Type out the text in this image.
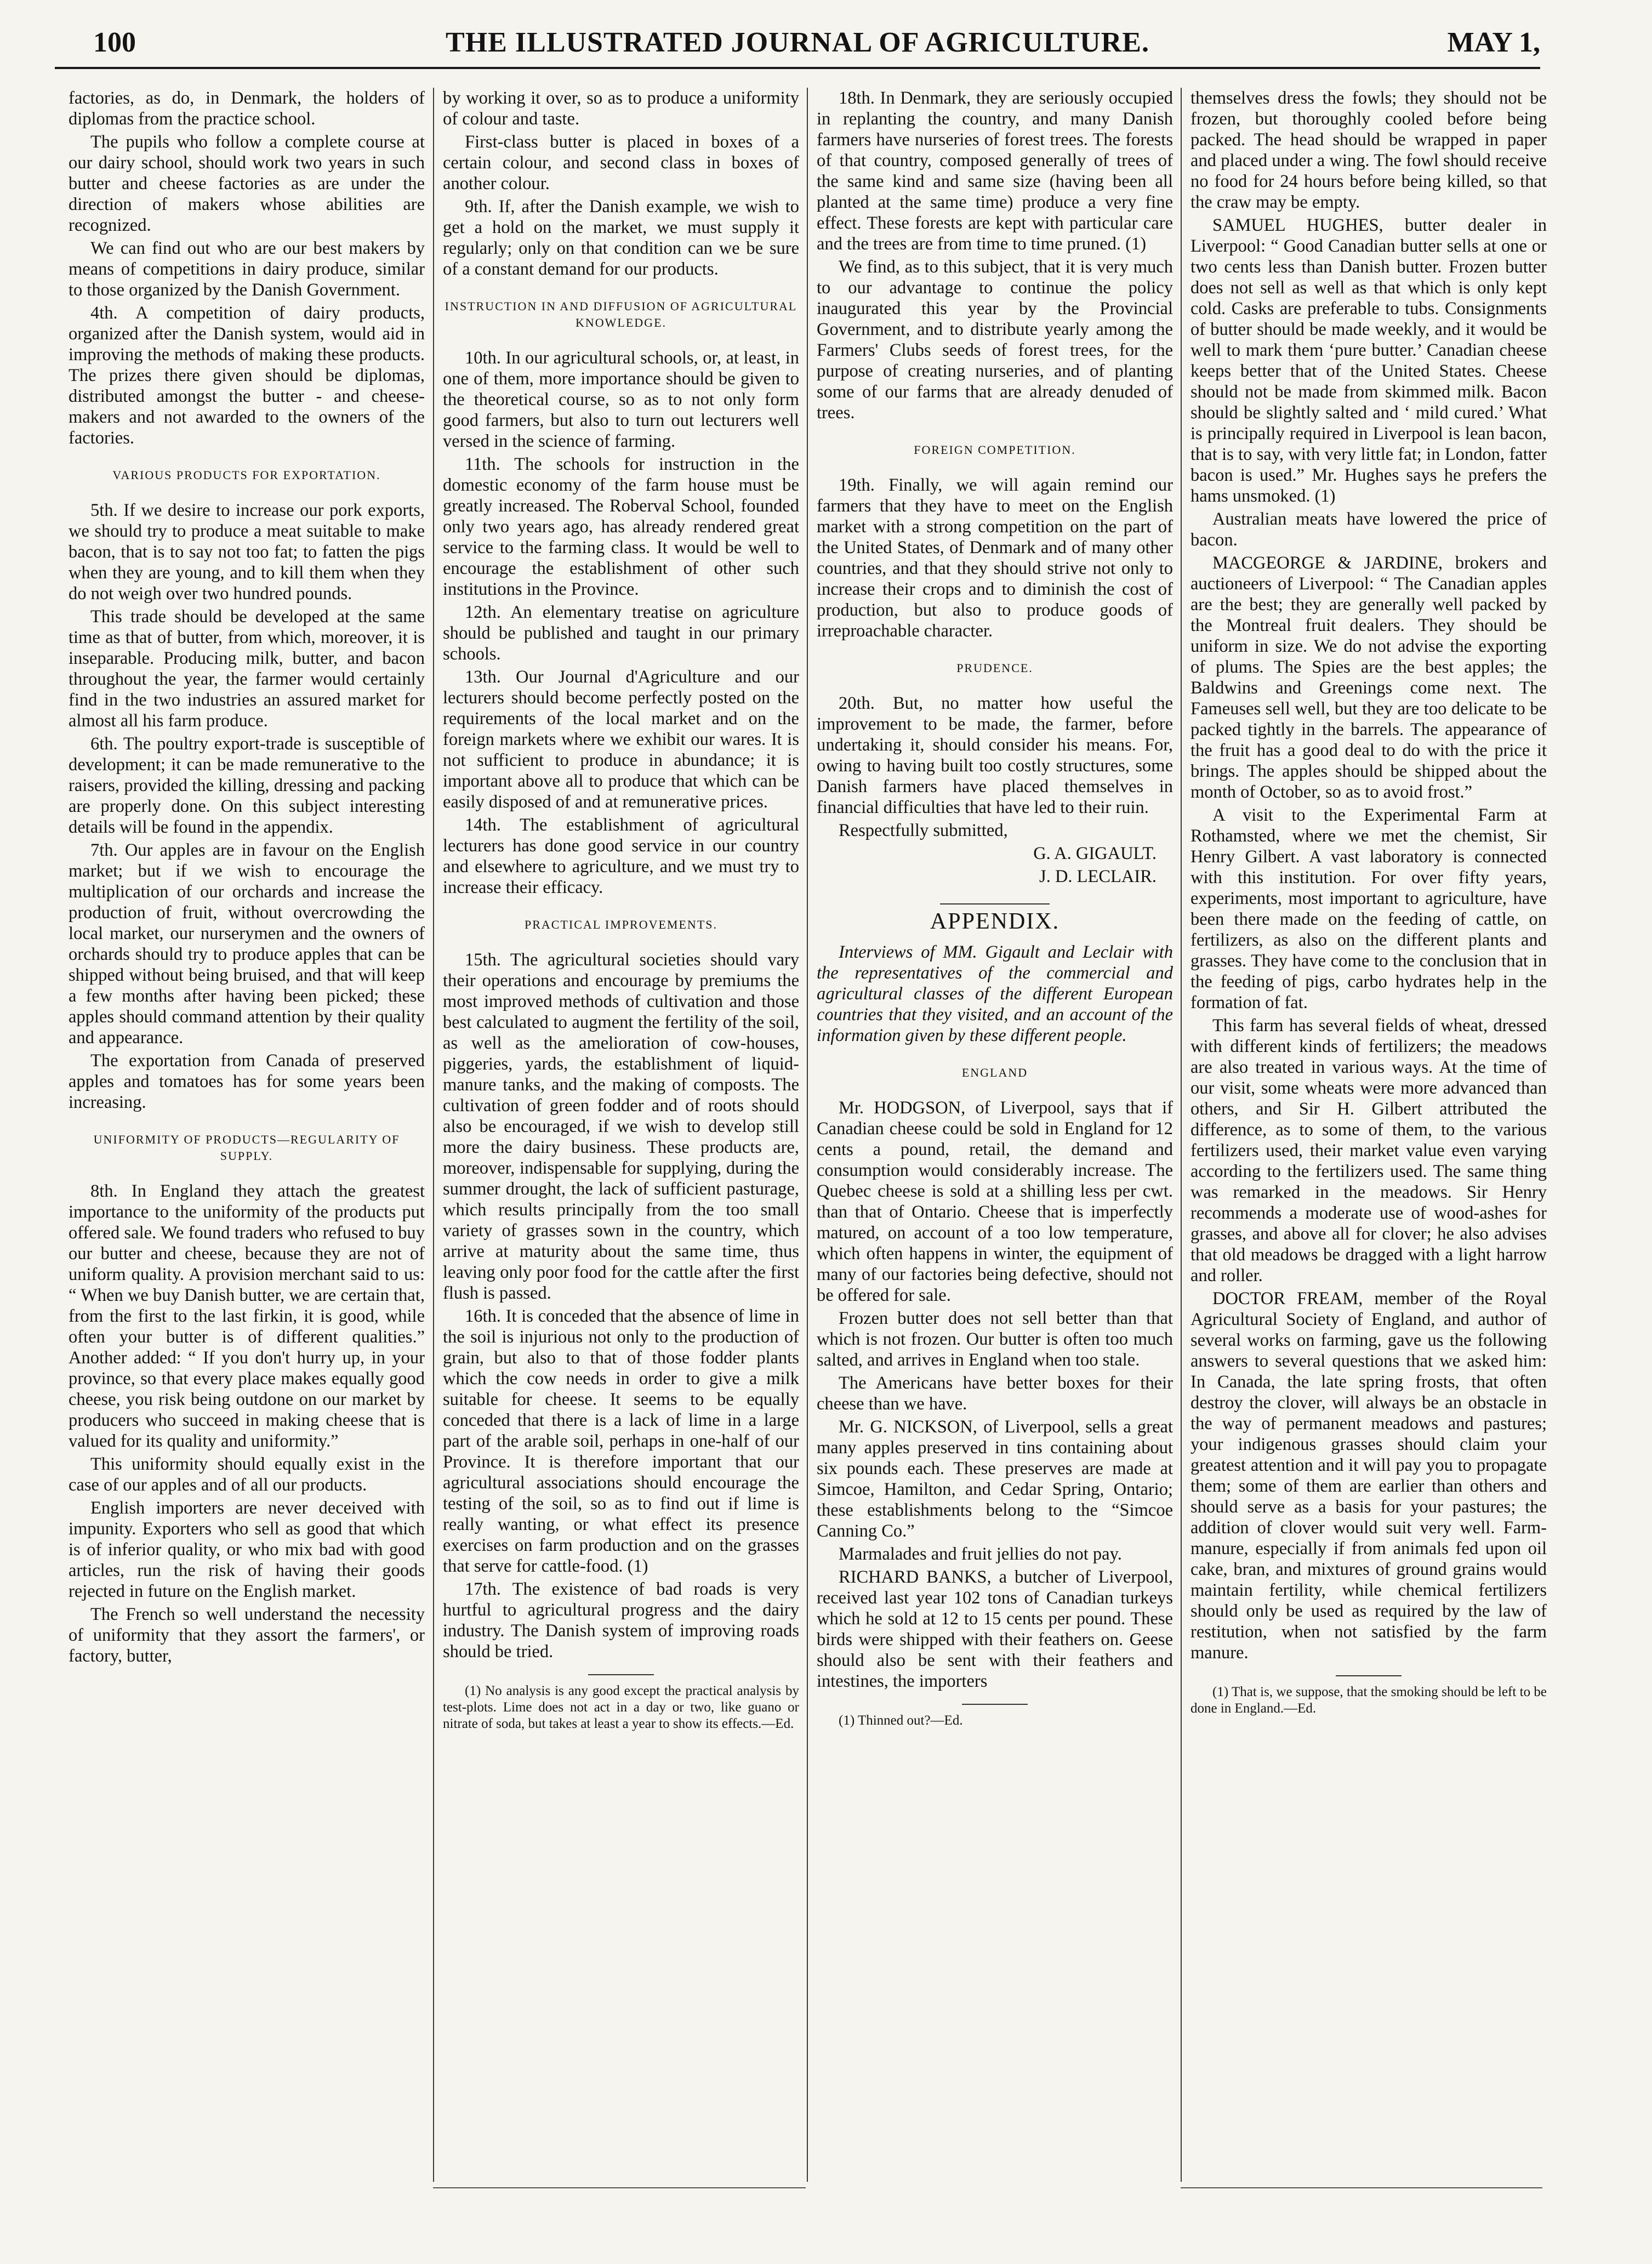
100	THE ILLUSTRATED JOURNAL OF AGRICULTURE.	MAY 1,

factories, as do, in Denmark, the holders of diplomas from the practice school.

The pupils who follow a complete course at our dairy school, should work two years in such butter and cheese factories as are under the direction of makers whose abilities are recognized.

We can find out who are our best makers by means of competitions in dairy produce, similar to those organized by the Danish Government.

4th. A competition of dairy products, organized after the Danish system, would aid in improving the methods of making these products. The prizes there given should be diplomas, distributed amongst the butter - and cheese-makers and not awarded to the owners of the factories.

VARIOUS PRODUCTS FOR EXPORTATION.

5th. If we desire to increase our pork exports, we should try to produce a meat suitable to make bacon, that is to say not too fat; to fatten the pigs when they are young, and to kill them when they do not weigh over two hundred pounds.

This trade should be developed at the same time as that of butter, from which, moreover, it is inseparable. Producing milk, butter, and bacon throughout the year, the farmer would certainly find in the two industries an assured market for almost all his farm produce.

6th. The poultry export-trade is susceptible of development; it can be made remunerative to the raisers, provided the killing, dressing and packing are properly done. On this subject interesting details will be found in the appendix.

7th. Our apples are in favour on the English market; but if we wish to encourage the multiplication of our orchards and increase the production of fruit, without overcrowding the local market, our nurserymen and the owners of orchards should try to produce apples that can be shipped without being bruised, and that will keep a few months after having been picked; these apples should command attention by their quality and appearance.

The exportation from Canada of preserved apples and tomatoes has for some years been increasing.

UNIFORMITY OF PRODUCTS—REGULARITY OF SUPPLY.

8th. In England they attach the greatest importance to the uniformity of the products put offered sale. We found traders who refused to buy our butter and cheese, because they are not of uniform quality. A provision merchant said to us: “ When we buy Danish butter, we are certain that, from the first to the last firkin, it is good, while often your butter is of different qualities.” Another added: “ If you don't hurry up, in your province, so that every place makes equally good cheese, you risk being outdone on our market by producers who succeed in making cheese that is valued for its quality and uniformity.”

This uniformity should equally exist in the case of our apples and of all our products.

English importers are never deceived with impunity. Exporters who sell as good that which is of inferior quality, or who mix bad with good articles, run the risk of having their goods rejected in future on the English market.

The French so well understand the necessity of uniformity that they assort the farmers', or factory, butter,

by working it over, so as to produce a uniformity of colour and taste.

First-class butter is placed in boxes of a certain colour, and second class in boxes of another colour.

9th. If, after the Danish example, we wish to get a hold on the market, we must supply it regularly; only on that condition can we be sure of a constant demand for our products.

INSTRUCTION IN AND DIFFUSION OF AGRICULTURAL KNOWLEDGE.

10th. In our agricultural schools, or, at least, in one of them, more importance should be given to the theoretical course, so as to not only form good farmers, but also to turn out lecturers well versed in the science of farming.

11th. The schools for instruction in the domestic economy of the farm house must be greatly increased. The Roberval School, founded only two years ago, has already rendered great service to the farming class. It would be well to encourage the establishment of other such institutions in the Province.

12th. An elementary treatise on agriculture should be published and taught in our primary schools.

13th. Our Journal d'Agriculture and our lecturers should become perfectly posted on the requirements of the local market and on the foreign markets where we exhibit our wares. It is not sufficient to produce in abundance; it is important above all to produce that which can be easily disposed of and at remunerative prices.

14th. The establishment of agricultural lecturers has done good service in our country and elsewhere to agriculture, and we must try to increase their efficacy.

PRACTICAL IMPROVEMENTS.

15th. The agricultural societies should vary their operations and encourage by premiums the most improved methods of cultivation and those best calculated to augment the fertility of the soil, as well as the amelioration of cow-houses, piggeries, yards, the establishment of liquid-manure tanks, and the making of composts. The cultivation of green fodder and of roots should also be encouraged, if we wish to develop still more the dairy business. These products are, moreover, indispensable for supplying, during the summer drought, the lack of sufficient pasturage, which results principally from the too small variety of grasses sown in the country, which arrive at maturity about the same time, thus leaving only poor food for the cattle after the first flush is passed.

16th. It is conceded that the absence of lime in the soil is injurious not only to the production of grain, but also to that of those fodder plants which the cow needs in order to give a milk suitable for cheese. It seems to be equally conceded that there is a lack of lime in a large part of the arable soil, perhaps in one-half of our Province. It is therefore important that our agricultural associations should encourage the testing of the soil, so as to find out if lime is really wanting, or what effect its presence exercises on farm production and on the grasses that serve for cattle-food. (1)

17th. The existence of bad roads is very hurtful to agricultural progress and the dairy industry. The Danish system of improving roads should be tried.

(1) No analysis is any good except the practical analysis by test-plots. Lime does not act in a day or two, like guano or nitrate of soda, but takes at least a year to show its effects.—Ed.

18th. In Denmark, they are seriously occupied in replanting the country, and many Danish farmers have nurseries of forest trees. The forests of that country, composed generally of trees of the same kind and same size (having been all planted at the same time) produce a very fine effect. These forests are kept with particular care and the trees are from time to time pruned. (1)

We find, as to this subject, that it is very much to our advantage to continue the policy inaugurated this year by the Provincial Government, and to distribute yearly among the Farmers' Clubs seeds of forest trees, for the purpose of creating nurseries, and of planting some of our farms that are already denuded of trees.

FOREIGN COMPETITION.

19th. Finally, we will again remind our farmers that they have to meet on the English market with a strong competition on the part of the United States, of Denmark and of many other countries, and that they should strive not only to increase their crops and to diminish the cost of production, but also to produce goods of irreproachable character.

PRUDENCE.

20th. But, no matter how useful the improvement to be made, the farmer, before undertaking it, should consider his means. For, owing to having built too costly structures, some Danish farmers have placed themselves in financial difficulties that have led to their ruin.

Respectfully submitted,

G. A. GIGAULT.

J. D. LECLAIR.

APPENDIX.

Interviews of MM. Gigault and Leclair with the representatives of the commercial and agricultural classes of the different European countries that they visited, and an account of the information given by these different people.

ENGLAND

Mr. HODGSON, of Liverpool, says that if Canadian cheese could be sold in England for 12 cents a pound, retail, the demand and consumption would considerably increase. The Quebec cheese is sold at a shilling less per cwt. than that of Ontario. Cheese that is imperfectly matured, on account of a too low temperature, which often happens in winter, the equipment of many of our factories being defective, should not be offered for sale.

Frozen butter does not sell better than that which is not frozen. Our butter is often too much salted, and arrives in England when too stale.

The Americans have better boxes for their cheese than we have.

Mr. G. NICKSON, of Liverpool, sells a great many apples preserved in tins containing about six pounds each. These preserves are made at Simcoe, Hamilton, and Cedar Spring, Ontario; these establishments belong to the “Simcoe Canning Co.”

Marmalades and fruit jellies do not pay.

RICHARD BANKS, a butcher of Liverpool, received last year 102 tons of Canadian turkeys which he sold at 12 to 15 cents per pound. These birds were shipped with their feathers on. Geese should also be sent with their feathers and intestines, the importers

(1) Thinned out?—Ed.

themselves dress the fowls; they should not be frozen, but thoroughly cooled before being packed. The head should be wrapped in paper and placed under a wing. The fowl should receive no food for 24 hours before being killed, so that the craw may be empty.

SAMUEL HUGHES, butter dealer in Liverpool: “ Good Canadian butter sells at one or two cents less than Danish butter. Frozen butter does not sell as well as that which is only kept cold. Casks are preferable to tubs. Consignments of butter should be made weekly, and it would be well to mark them ‘pure butter.’ Canadian cheese keeps better that of the United States. Cheese should not be made from skimmed milk. Bacon should be slightly salted and ‘ mild cured.’ What is principally required in Liverpool is lean bacon, that is to say, with very little fat; in London, fatter bacon is used.” Mr. Hughes says he prefers the hams unsmoked. (1)

Australian meats have lowered the price of bacon.

MACGEORGE & JARDINE, brokers and auctioneers of Liverpool: “ The Canadian apples are the best; they are generally well packed by the Montreal fruit dealers. They should be uniform in size. We do not advise the exporting of plums. The Spies are the best apples; the Baldwins and Greenings come next. The Fameuses sell well, but they are too delicate to be packed tightly in the barrels. The appearance of the fruit has a good deal to do with the price it brings. The apples should be shipped about the month of October, so as to avoid frost.”

A visit to the Experimental Farm at Rothamsted, where we met the chemist, Sir Henry Gilbert. A vast laboratory is connected with this institution. For over fifty years, experiments, most important to agriculture, have been there made on the feeding of cattle, on fertilizers, as also on the different plants and grasses. They have come to the conclusion that in the feeding of pigs, carbo hydrates help in the formation of fat.

This farm has several fields of wheat, dressed with different kinds of fertilizers; the meadows are also treated in various ways. At the time of our visit, some wheats were more advanced than others, and Sir H. Gilbert attributed the difference, as to some of them, to the various fertilizers used, their market value even varying according to the fertilizers used. The same thing was remarked in the meadows. Sir Henry recommends a moderate use of wood-ashes for grasses, and above all for clover; he also advises that old meadows be dragged with a light harrow and roller.

DOCTOR FREAM, member of the Royal Agricultural Society of England, and author of several works on farming, gave us the following answers to several questions that we asked him: In Canada, the late spring frosts, that often destroy the clover, will always be an obstacle in the way of permanent meadows and pastures; your indigenous grasses should claim your greatest attention and it will pay you to propagate them; some of them are earlier than others and should serve as a basis for your pastures; the addition of clover would suit very well. Farm-manure, especially if from animals fed upon oil cake, bran, and mixtures of ground grains would maintain fertility, while chemical fertilizers should only be used as required by the law of restitution, when not satisfied by the farm manure.

(1) That is, we suppose, that the smoking should be left to be done in England.—Ed.
